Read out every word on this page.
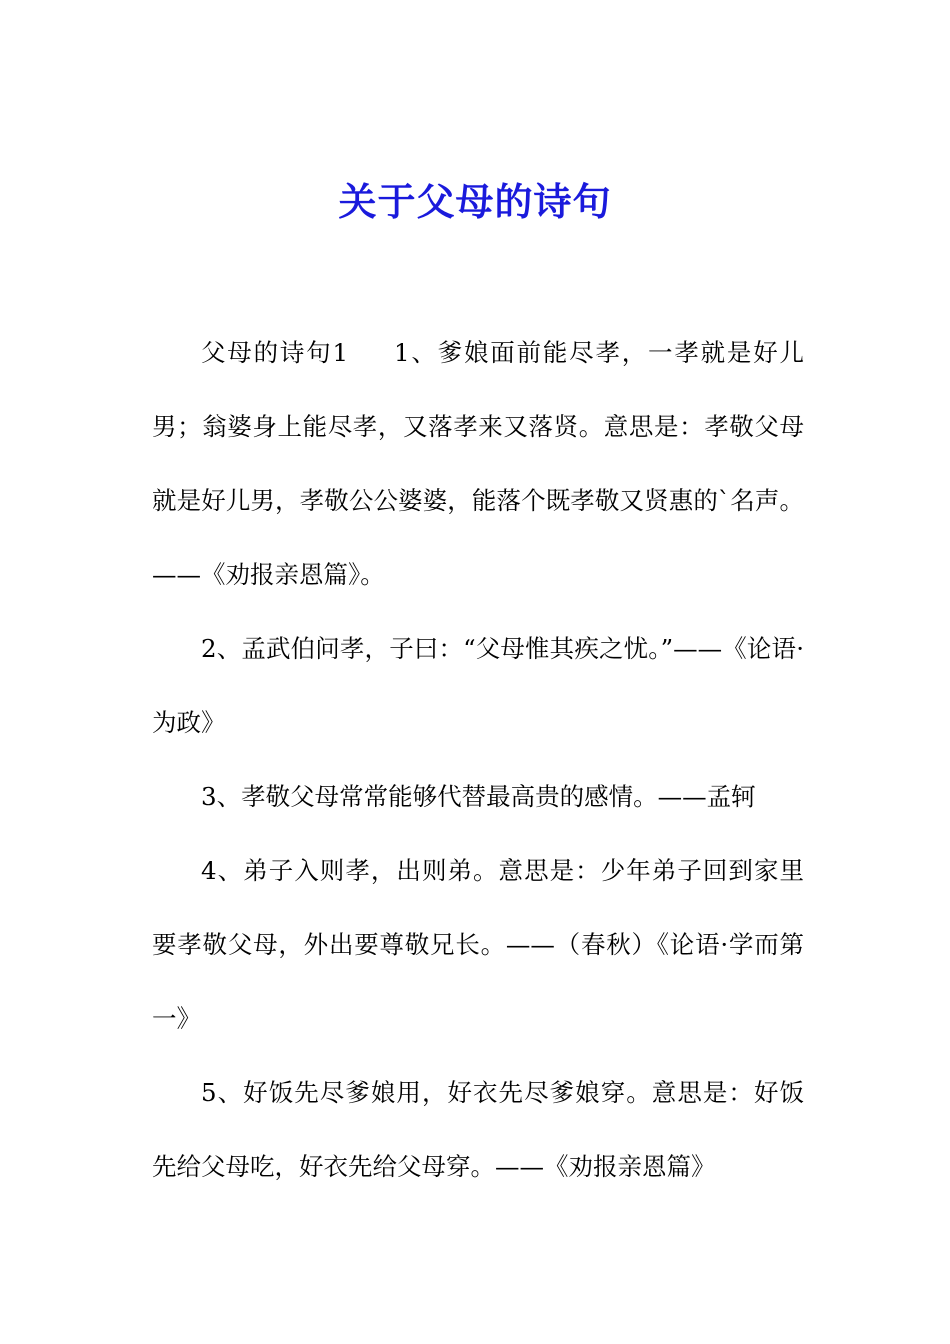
关于父母的诗句

父母的诗句1 1、爹娘面前能尽孝，一孝就是好儿男；翁婆身上能尽孝，又落孝来又落贤。意思是：孝敬父母就是好儿男，孝敬公公婆婆，能落个既孝敬又贤惠的`名声。——《劝报亲恩篇》。

2、孟武伯问孝，子曰：“父母惟其疾之忧。”——《论语·为政》

3、孝敬父母常常能够代替最高贵的感情。——孟轲

4、弟子入则孝，出则弟。意思是：少年弟子回到家里要孝敬父母，外出要尊敬兄长。——（春秋）《论语·学而第一》

5、好饭先尽爹娘用，好衣先尽爹娘穿。意思是：好饭先给父母吃，好衣先给父母穿。——《劝报亲恩篇》
